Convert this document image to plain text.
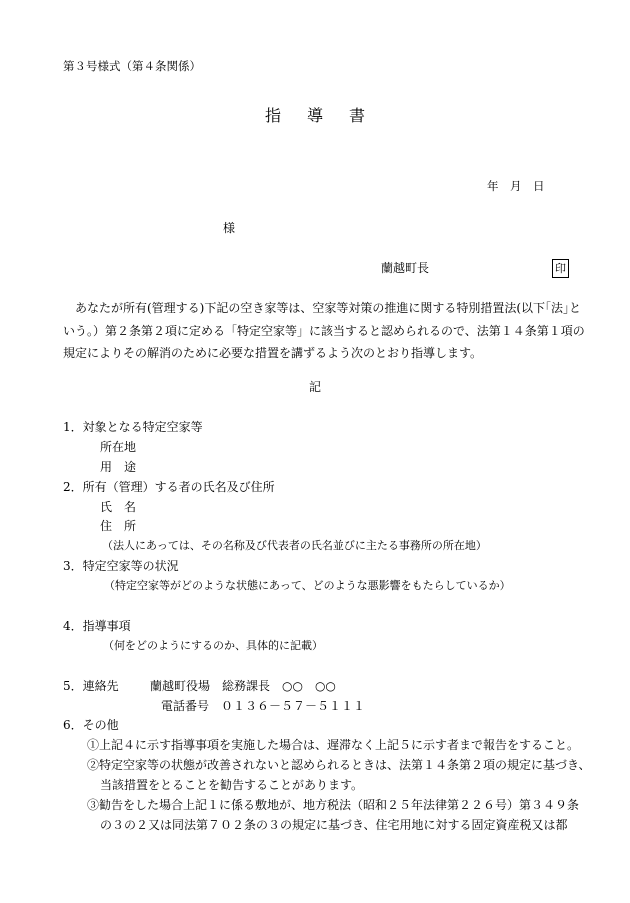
第３号様式（第４条関係）
指導書
年　月　日
様
蘭越町長	印
あなたが所有(管理する)下記の空き家等は、空家等対策の推進に関する特別措置法(以下｢法｣という。）第２条第２項に定める「特定空家等」に該当すると認められるので、法第１４条第１項の規定によりその解消のために必要な措置を講ずるよう次のとおり指導します。
記
1．対象となる特定空家等
所在地
用　途
2．所有（管理）する者の氏名及び住所
氏　名
住　所
（法人にあっては、その名称及び代表者の氏名並びに主たる事務所の所在地）
3．特定空家等の状況
（特定空家等がどのような状態にあって、どのような悪影響をもたらしているか）
4．指導事項
（何をどのようにするのか、具体的に記載）
5．連絡先	蘭越町役場　総務課長　○○　○○
電話番号　０１３６－５７－５１１１
6．その他
①上記４に示す指導事項を実施した場合は、遅滞なく上記５に示す者まで報告をすること。
②特定空家等の状態が改善されないと認められるときは、法第１４条第２項の規定に基づき、
当該措置をとることを勧告することがあります。
③勧告をした場合上記１に係る敷地が、地方税法（昭和２５年法律第２２６号）第３４９条
の３の２又は同法第７０２条の３の規定に基づき、住宅用地に対する固定資産税又は都
